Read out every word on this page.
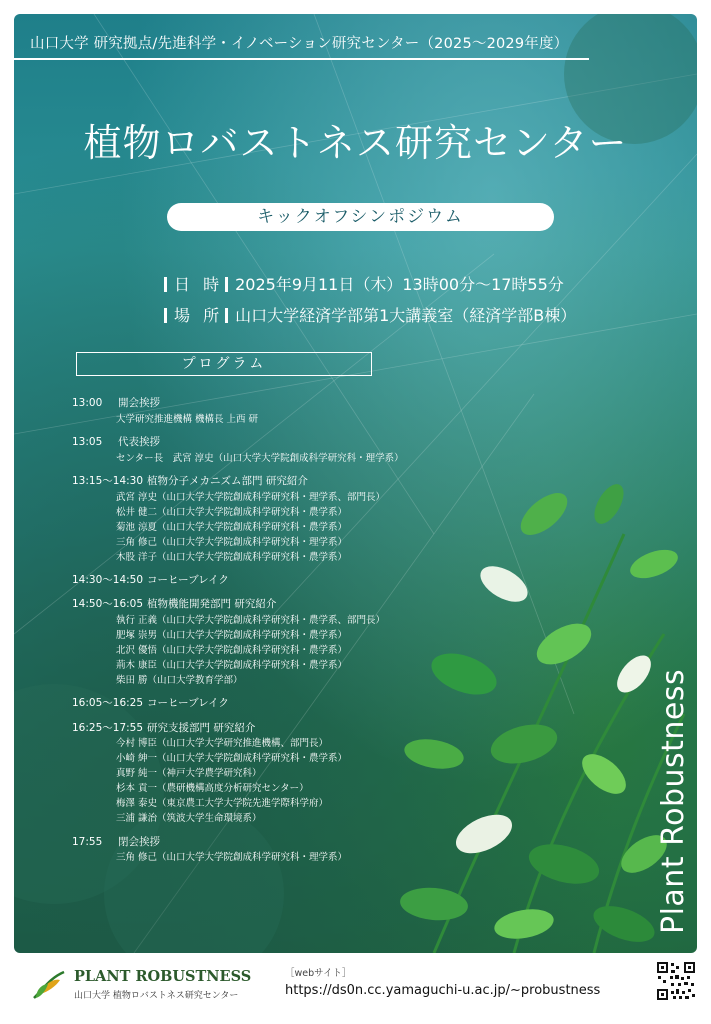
山口大学 研究拠点/先進科学・イノベーション研究センター（2025〜2029年度）
植物ロバストネス研究センター
キックオフシンポジウム
日 時 2025年9月11日（木）13時00分〜17時55分
場 所 山口大学経済学部第1大講義室（経済学部B棟）
プログラム
13:00 開会挨拶
大学研究推進機構 機構長 上西 研
13:05 代表挨拶
センター長　武宮 淳史（山口大学大学院創成科学研究科・理学系）
13:15〜14:30 植物分子メカニズム部門 研究紹介
武宮 淳史（山口大学大学院創成科学研究科・理学系、部門長）
松井 健二（山口大学大学院創成科学研究科・農学系）
菊池 涼夏（山口大学大学院創成科学研究科・農学系）
三角 修己（山口大学大学院創成科学研究科・理学系）
木股 洋子（山口大学大学院創成科学研究科・農学系）
14:30〜14:50 コーヒーブレイク
14:50〜16:05 植物機能開発部門 研究紹介
執行 正義（山口大学大学院創成科学研究科・農学系、部門長）
肥塚 崇男（山口大学大学院創成科学研究科・農学系）
北沢 優悟（山口大学大学院創成科学研究科・農学系）
荊木 康臣（山口大学大学院創成科学研究科・農学系）
柴田 勝（山口大学教育学部）
16:05〜16:25 コーヒーブレイク
16:25〜17:55 研究支援部門 研究紹介
今村 博臣（山口大学大学研究推進機構、部門長）
小崎 紳一（山口大学大学院創成科学研究科・農学系）
真野 純一（神戸大学農学研究科）
杉本 貢一（農研機構高度分析研究センター）
梅澤 泰史（東京農工大学大学院先進学際科学府）
三浦 謙治（筑波大学生命環境系）
17:55 閉会挨拶
三角 修己（山口大学大学院創成科学研究科・理学系）	Plant Robustness
PLANT ROBUSTNESS
山口大学 植物ロバストネス研究センター
［webサイト］
https://ds0n.cc.yamaguchi-u.ac.jp/~probustness
